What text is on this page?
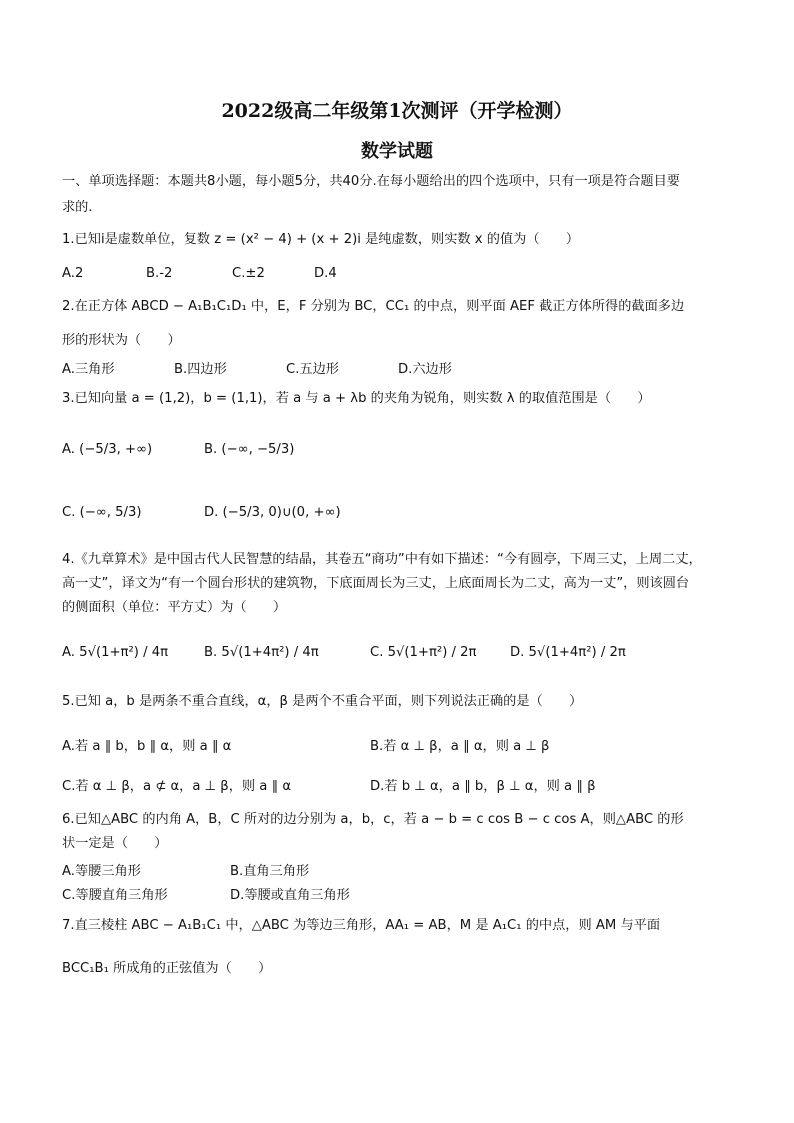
2022级高二年级第1次测评（开学检测）
数学试题
一、单项选择题：本题共8小题，每小题5分，共40分.在每小题给出的四个选项中，只有一项是符合题目要
求的.
1.已知i是虚数单位，复数 z = (x² − 4) + (x + 2)i 是纯虚数，则实数 x 的值为（　　）
A.2	B.-2	C.±2	D.4
2.在正方体 ABCD − A₁B₁C₁D₁ 中，E，F 分别为 BC，CC₁ 的中点，则平面 AEF 截正方体所得的截面多边
形的形状为（　　）
A.三角形	B.四边形	C.五边形	D.六边形
3.已知向量 a = (1,2)，b = (1,1)，若 a 与 a + λb 的夹角为锐角，则实数 λ 的取值范围是（　　）
A. (−5/3, +∞)	B. (−∞, −5/3)
C. (−∞, 5/3)	D. (−5/3, 0)∪(0, +∞)
4.《九章算术》是中国古代人民智慧的结晶，其卷五“商功”中有如下描述：“今有圆亭，下周三丈，上周二丈，
高一丈”，译文为“有一个圆台形状的建筑物，下底面周长为三丈，上底面周长为二丈，高为一丈”，则该圆台
的侧面积（单位：平方丈）为（　　）
A. 5√(1+π²) / 4π	B. 5√(1+4π²) / 4π	C. 5√(1+π²) / 2π	D. 5√(1+4π²) / 2π
5.已知 a，b 是两条不重合直线，α，β 是两个不重合平面，则下列说法正确的是（　　）
A.若 a ∥ b，b ∥ α，则 a ∥ α	B.若 α ⊥ β，a ∥ α，则 a ⊥ β
C.若 α ⊥ β，a ⊄ α，a ⊥ β，则 a ∥ α	D.若 b ⊥ α，a ∥ b，β ⊥ α，则 a ∥ β
6.已知△ABC 的内角 A，B，C 所对的边分别为 a，b，c，若 a − b = c cos B − c cos A，则△ABC 的形
状一定是（　　）
A.等腰三角形	B.直角三角形
C.等腰直角三角形	D.等腰或直角三角形
7.直三棱柱 ABC − A₁B₁C₁ 中，△ABC 为等边三角形，AA₁ = AB，M 是 A₁C₁ 的中点，则 AM 与平面
BCC₁B₁ 所成角的正弦值为（　　）
